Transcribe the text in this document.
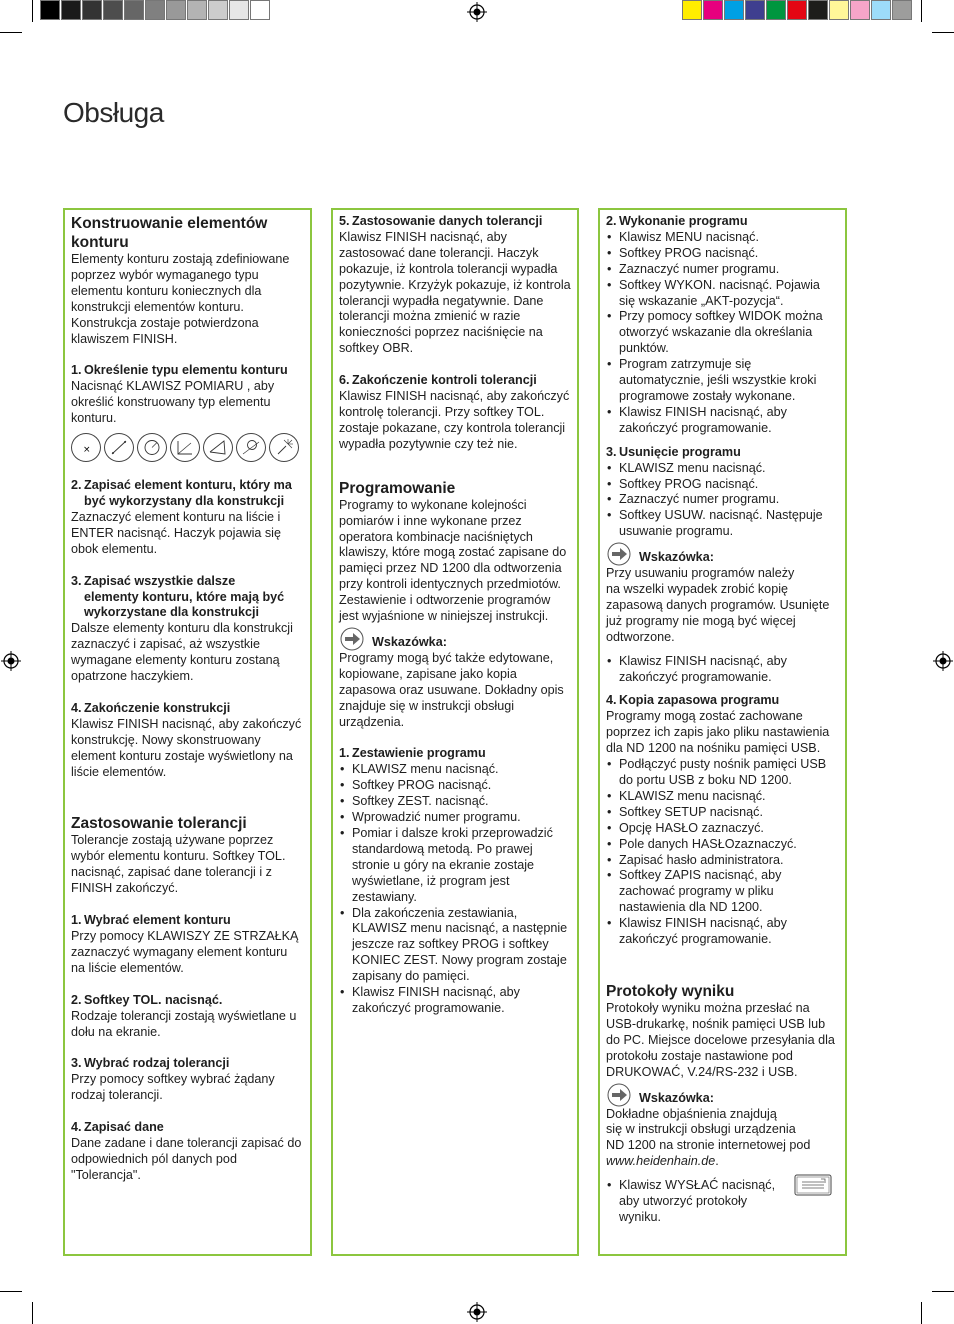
Obsługa

Konstruowanie elementów
konturu

Elementy konturu zostają zdefiniowane poprzez wybór wymaganego typu elementu konturu koniecznych dla konstrukcji elementów konturu. Konstrukcja zostaje potwierdzona klawiszem FINISH.

1. Określenie typu elementu konturu

Nacisnąć KLAWISZ POMIARU , aby określić konstruowany typ elementu konturu.

×
2. Zapisać element konturu, który ma
być wykorzystany dla konstrukcji

Zaznaczyć element konturu na liście i ENTER nacisnąć. Haczyk pojawia się obok elementu.

3. Zapisać wszystkie dalsze
elementy konturu, które mają być
wykorzystane dla konstrukcji

Dalsze elementy konturu dla konstrukcji zaznaczyć i zapisać, aż wszystkie wymagane elementy konturu zostaną opatrzone haczykiem.

4. Zakończenie konstrukcji

Klawisz FINISH nacisnąć, aby zakończyć konstrukcję. Nowy skonstruowany element konturu zostaje wyświetlony na liście elementów.

Zastosowanie tolerancji

Tolerancje zostają używane poprzez wybór elementu konturu. Softkey TOL. nacisnąć, zapisać dane tolerancji i z FINISH zakończyć.

1. Wybrać element konturu

Przy pomocy KLAWISZY ZE STRZAŁKĄ zaznaczyć wymagany element konturu na liście elementów.

2. Softkey TOL. nacisnąć.

Rodzaje tolerancji zostają wyświetlane u dołu na ekranie.

3. Wybrać rodzaj tolerancji

Przy pomocy softkey wybrać żądany rodzaj tolerancji.

4. Zapisać dane

Dane zadane i dane tolerancji zapisać do odpowiednich pól danych pod "Tolerancja".

5. Zastosowanie danych tolerancji

Klawisz FINISH nacisnąć, aby zastosować dane tolerancji. Haczyk pokazuje, iż kontrola tolerancji wypadła pozytywnie. Krzyżyk pokazuje, iż kontrola tolerancji wypadła negatywnie. Dane tolerancji można zmienić w razie konieczności poprzez naciśnięcie na softkey OBR.

6. Zakończenie kontroli tolerancji

Klawisz FINISH nacisnąć, aby zakończyć kontrolę tolerancji. Przy softkey TOL. zostaje pokazane, czy kontrola tolerancji wypadła pozytywnie czy też nie.

Programowanie

Programy to wykonane kolejności pomiarów i inne wykonane przez operatora kombinacje naciśniętych klawiszy, które mogą zostać zapisane do pamięci przez ND 1200 dla odtworzenia przy kontroli identycznych przedmiotów. Zestawienie i odtworzenie programów jest wyjaśnione w niniejszej instrukcji.

Wskazówka:

Programy mogą być także edytowane, kopiowane, zapisane jako kopia zapasowa oraz usuwane. Dokładny opis znajduje się w instrukcji obsługi urządzenia.

1. Zestawienie programu
• KLAWISZ menu nacisnąć.
• Softkey PROG nacisnąć.
• Softkey ZEST. nacisnąć.
• Wprowadzić numer programu.
• Pomiar i dalsze kroki przeprowadzić standardową metodą. Po prawej stronie u góry na ekranie zostaje wyświetlane, iż program jest zestawiany.
• Dla zakończenia zestawiania, KLAWISZ menu nacisnąć, a następnie jeszcze raz softkey PROG i softkey KONIEC ZEST. Nowy program zostaje zapisany do pamięci.
• Klawisz FINISH nacisnąć, aby zakończyć programowanie.
2. Wykonanie programu
• Klawisz MENU nacisnąć.
• Softkey PROG nacisnąć.
• Zaznaczyć numer programu.
• Softkey WYKON. nacisnąć. Pojawia się wskazanie „AKT-pozycja“.
• Przy pomocy softkey WIDOK można otworzyć wskazanie dla określania punktów.
• Program zatrzymuje się automatycznie, jeśli wszystkie kroki programowe zostały wykonane.
• Klawisz FINISH nacisnąć, aby zakończyć programowanie.
3. Usunięcie programu
• KLAWISZ menu nacisnąć.
• Softkey PROG nacisnąć.
• Zaznaczyć numer programu.
• Softkey USUW. nacisnąć. Następuje usuwanie programu.
Wskazówka:

Przy usuwaniu programów należy
na wszelki wypadek zrobić kopię zapasową danych programów. Usunięte już programy nie mogą być więcej odtworzone.

• Klawisz FINISH nacisnąć, aby zakończyć programowanie.
4. Kopia zapasowa programu

Programy mogą zostać zachowane poprzez ich zapis jako pliku nastawienia dla ND 1200 na nośniku pamięci USB.

• Podłączyć pusty nośnik pamięci USB do portu USB z boku ND 1200.
• KLAWISZ menu nacisnąć.
• Softkey SETUP nacisnąć.
• Opcję HASŁO zaznaczyć.
• Pole danych HASŁOzaznaczyć.
• Zapisać hasło administratora.
• Softkey ZAPIS nacisnąć, aby zachować programy w pliku nastawienia dla ND 1200.
• Klawisz FINISH nacisnąć, aby zakończyć programowanie.

Protokoły wyniku

Protokoły wyniku można przesłać na USB-drukarkę, nośnik pamięci USB lub do PC. Miejsce docelowe przesyłania dla protokołu zostaje nastawione pod DRUKOWAĆ, V.24/RS-232 i USB.

Wskazówka:

Dokładne objaśnienia znajdują
się w instrukcji obsługi urządzenia
ND 1200 na stronie internetowej pod
www.heidenhain.de.

• Klawisz WYSŁAĆ nacisnąć,
aby utworzyć protokoły
wyniku.
